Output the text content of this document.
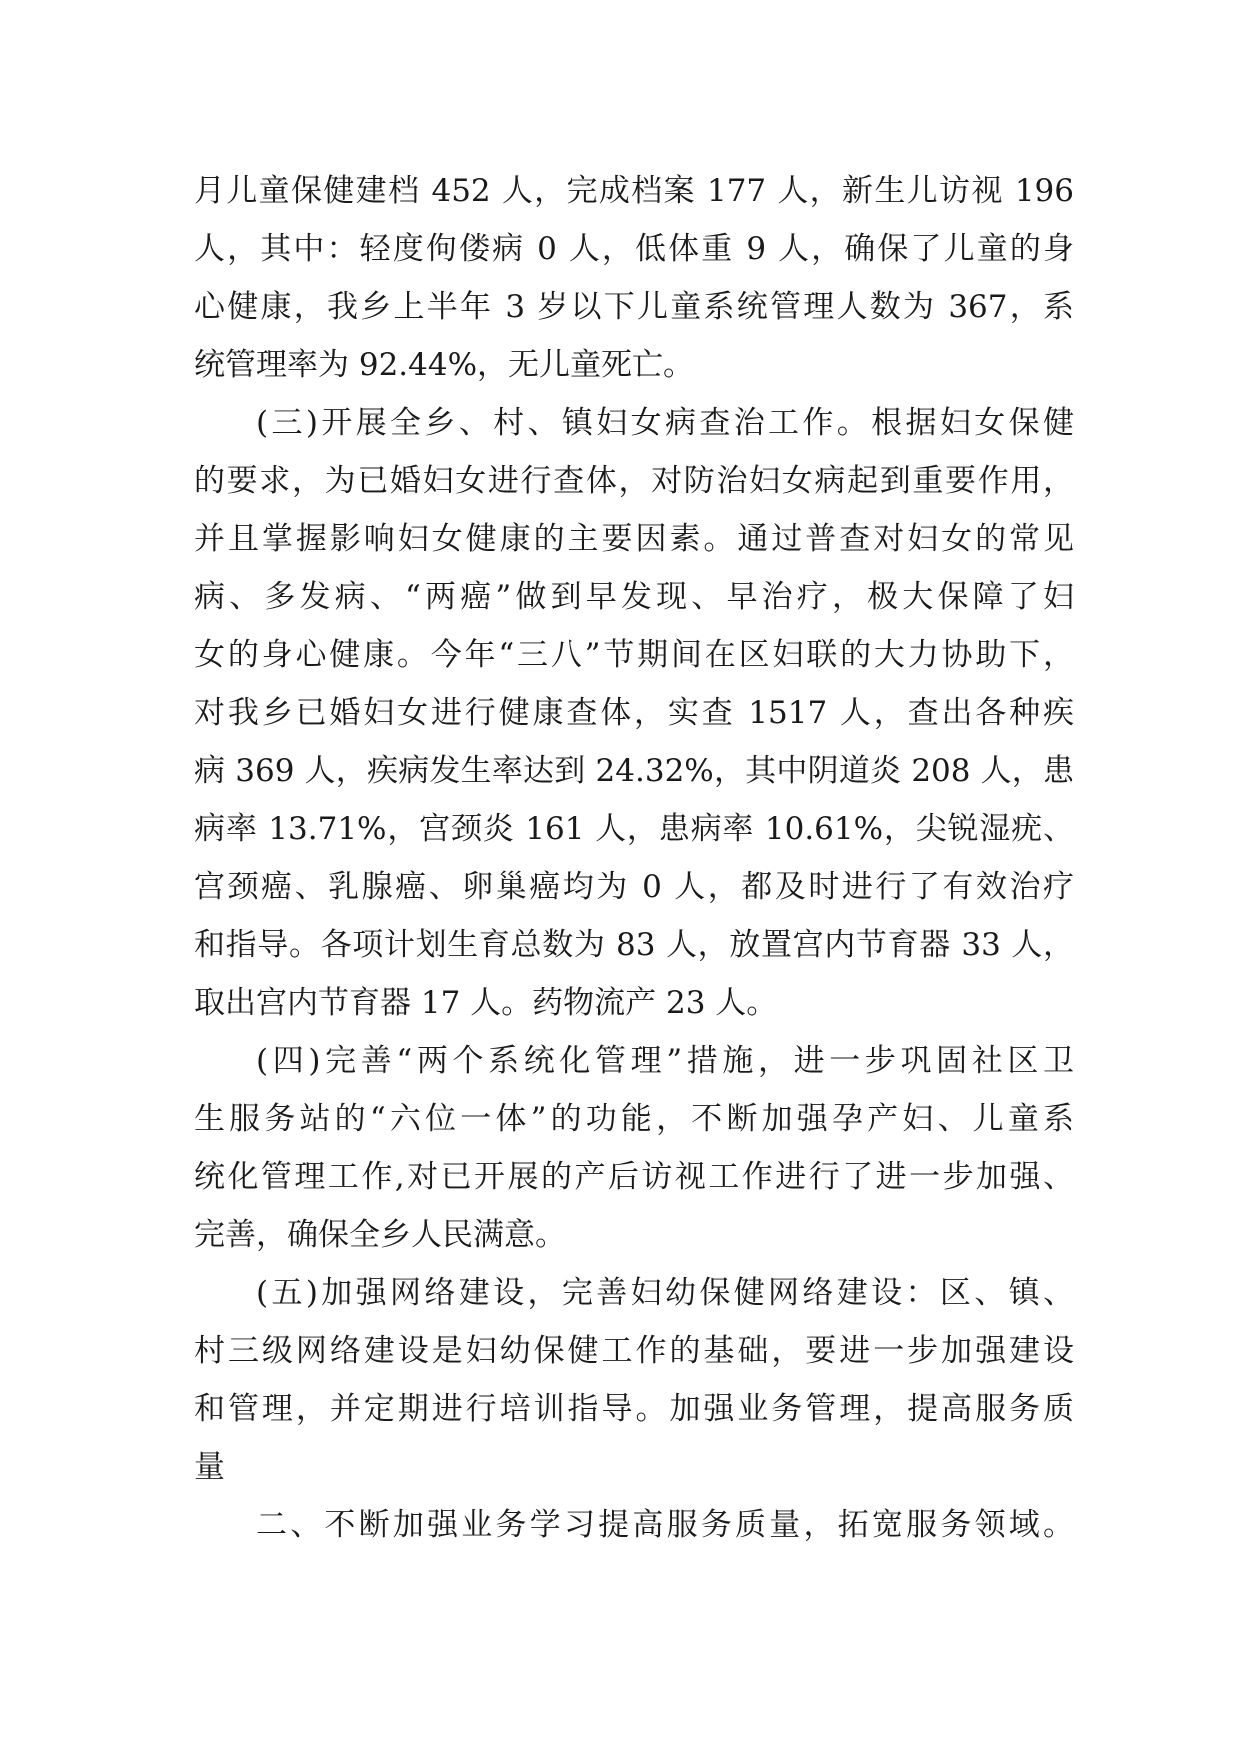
月儿童保健建档 452 人，完成档案 177 人，新生儿访视 196
人，其中：轻度佝偻病 0 人，低体重 9 人，确保了儿童的身
心健康，我乡上半年 3 岁以下儿童系统管理人数为 367，系
统管理率为 92.44%，无儿童死亡。
(三)开展全乡、村、镇妇女病查治工作。根据妇女保健
的要求，为已婚妇女进行查体，对防治妇女病起到重要作用，
并且掌握影响妇女健康的主要因素。通过普查对妇女的常见
病、多发病、“两癌”做到早发现、早治疗，极大保障了妇
女的身心健康。今年“三八”节期间在区妇联的大力协助下，
对我乡已婚妇女进行健康查体，实查 1517 人，查出各种疾
病 369 人，疾病发生率达到 24.32%，其中阴道炎 208 人，患
病率 13.71%，宫颈炎 161 人，患病率 10.61%，尖锐湿疣、
宫颈癌、乳腺癌、卵巢癌均为 0 人，都及时进行了有效治疗
和指导。各项计划生育总数为 83 人，放置宫内节育器 33 人，
取出宫内节育器 17 人。药物流产 23 人。
(四)完善“两个系统化管理”措施，进一步巩固社区卫
生服务站的“六位一体”的功能，不断加强孕产妇、儿童系
统化管理工作,对已开展的产后访视工作进行了进一步加强、
完善，确保全乡人民满意。
(五)加强网络建设，完善妇幼保健网络建设：区、镇、
村三级网络建设是妇幼保健工作的基础，要进一步加强建设
和管理，并定期进行培训指导。加强业务管理，提高服务质
量
二、不断加强业务学习提高服务质量，拓宽服务领域。
